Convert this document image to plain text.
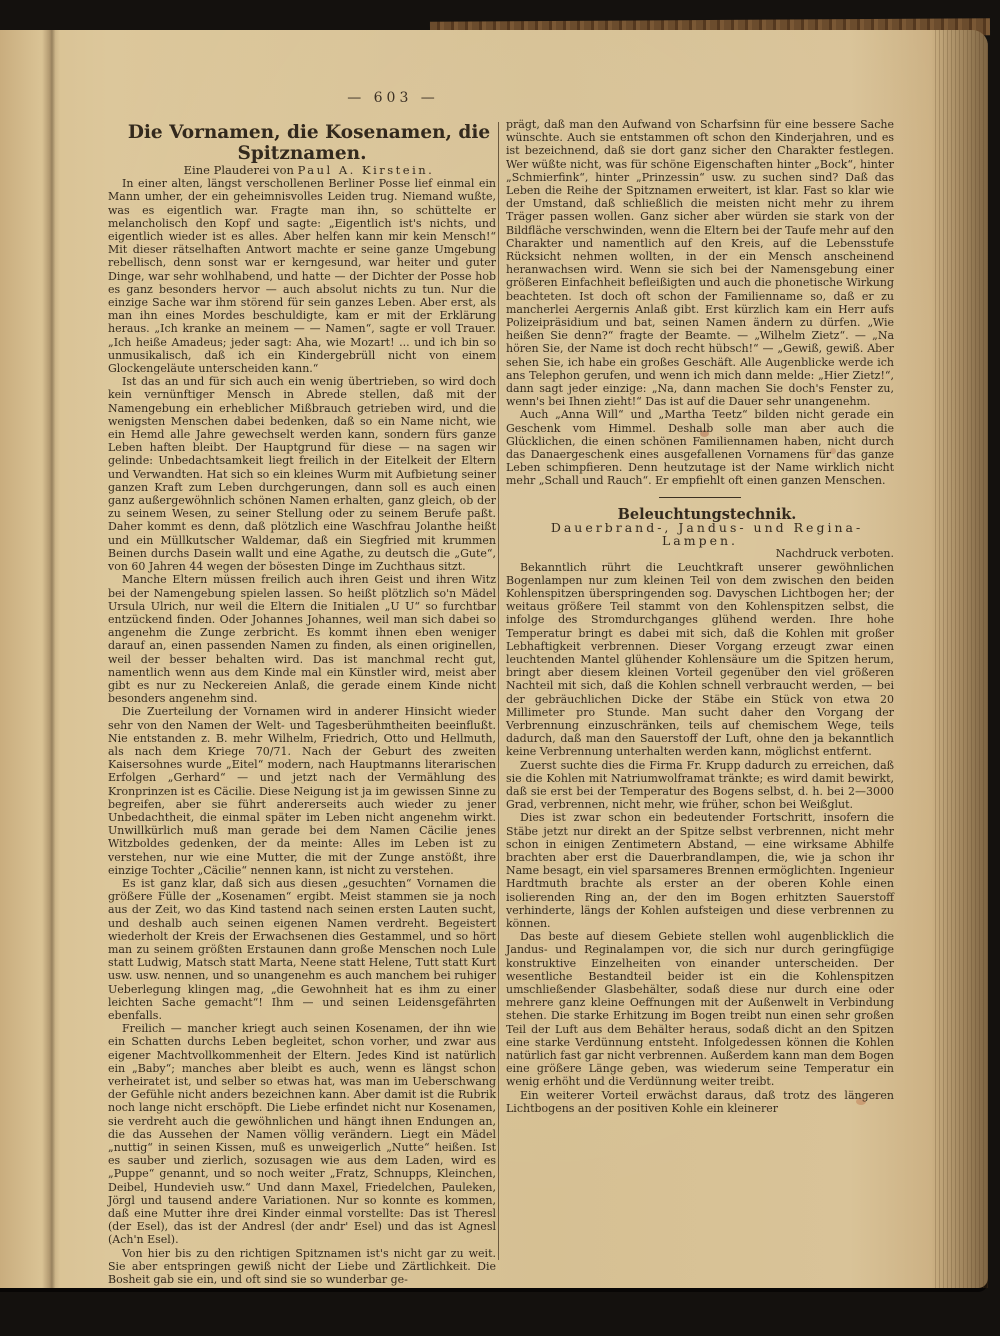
— 603 —

Die Vornamen, die Kosenamen, die Spitznamen.

Eine Plauderei von Paul A. Kirstein.

In einer alten, längst verschollenen Berliner Posse lief einmal ein Mann umher, der ein geheimnisvolles Leiden trug. Niemand wußte, was es eigentlich war. Fragte man ihn, so schüttelte er melancholisch den Kopf und sagte: „Eigentlich ist's nichts, und eigentlich wieder ist es alles. Aber helfen kann mir kein Mensch!“ Mit dieser rätselhaften Antwort machte er seine ganze Umgebung rebellisch, denn sonst war er kerngesund, war heiter und guter Dinge, war sehr wohlhabend, und hatte — der Dichter der Posse hob es ganz besonders hervor — auch absolut nichts zu tun. Nur die einzige Sache war ihm störend für sein ganzes Leben. Aber erst, als man ihn eines Mordes beschuldigte, kam er mit der Erklärung heraus. „Ich kranke an meinem — — Namen“, sagte er voll Trauer. „Ich heiße Amadeus; jeder sagt: Aha, wie Mozart! ... und ich bin so unmusikalisch, daß ich ein Kindergebrüll nicht von einem Glockengeläute unterscheiden kann.“

Ist das an und für sich auch ein wenig übertrieben, so wird doch kein vernünftiger Mensch in Abrede stellen, daß mit der Namengebung ein erheblicher Mißbrauch getrieben wird, und die wenigsten Menschen dabei bedenken, daß so ein Name nicht, wie ein Hemd alle Jahre gewechselt werden kann, sondern fürs ganze Leben haften bleibt. Der Hauptgrund für diese — na sagen wir gelinde: Unbedachtsamkeit liegt freilich in der Eitelkeit der Eltern und Verwandten. Hat sich so ein kleines Wurm mit Aufbietung seiner ganzen Kraft zum Leben durchgerungen, dann soll es auch einen ganz außergewöhnlich schönen Namen erhalten, ganz gleich, ob der zu seinem Wesen, zu seiner Stellung oder zu seinem Berufe paßt. Daher kommt es denn, daß plötzlich eine Waschfrau Jolanthe heißt und ein Müllkutscher Waldemar, daß ein Siegfried mit krummen Beinen durchs Dasein wallt und eine Agathe, zu deutsch die „Gute“, von 60 Jahren 44 wegen der bösesten Dinge im Zuchthaus sitzt.

Manche Eltern müssen freilich auch ihren Geist und ihren Witz bei der Namengebung spielen lassen. So heißt plötzlich so'n Mädel Ursula Ulrich, nur weil die Eltern die Initialen „U U“ so furchtbar entzückend finden. Oder Johannes Johannes, weil man sich dabei so angenehm die Zunge zerbricht. Es kommt ihnen eben weniger darauf an, einen passenden Namen zu finden, als einen originellen, weil der besser behalten wird. Das ist manchmal recht gut, namentlich wenn aus dem Kinde mal ein Künstler wird, meist aber gibt es nur zu Neckereien Anlaß, die gerade einem Kinde nicht besonders angenehm sind.

Die Zuerteilung der Vornamen wird in anderer Hinsicht wieder sehr von den Namen der Welt- und Tagesberühmtheiten beeinflußt. Nie entstanden z. B. mehr Wilhelm, Friedrich, Otto und Hellmuth, als nach dem Kriege 70/71. Nach der Geburt des zweiten Kaisersohnes wurde „Eitel“ modern, nach Hauptmanns literarischen Erfolgen „Gerhard“ — und jetzt nach der Vermählung des Kronprinzen ist es Cäcilie. Diese Neigung ist ja im gewissen Sinne zu begreifen, aber sie führt andererseits auch wieder zu jener Unbedachtheit, die einmal später im Leben nicht angenehm wirkt. Unwillkürlich muß man gerade bei dem Namen Cäcilie jenes Witzboldes gedenken, der da meinte: Alles im Leben ist zu verstehen, nur wie eine Mutter, die mit der Zunge anstößt, ihre einzige Tochter „Cäcilie“ nennen kann, ist nicht zu verstehen.

Es ist ganz klar, daß sich aus diesen „gesuchten“ Vornamen die größere Fülle der „Kosenamen“ ergibt. Meist stammen sie ja noch aus der Zeit, wo das Kind tastend nach seinen ersten Lauten sucht, und deshalb auch seinen eigenen Namen verdreht. Begeistert wiederholt der Kreis der Erwachsenen dies Gestammel, und so hört man zu seinem größten Erstaunen dann große Menschen noch Lule statt Ludwig, Matsch statt Marta, Neene statt Helene, Tutt statt Kurt usw. usw. nennen, und so unangenehm es auch manchem bei ruhiger Ueberlegung klingen mag, „die Gewohnheit hat es ihm zu einer leichten Sache gemacht“! Ihm — und seinen Leidensgefährten ebenfalls.

Freilich — mancher kriegt auch seinen Kosenamen, der ihn wie ein Schatten durchs Leben begleitet, schon vorher, und zwar aus eigener Machtvollkommenheit der Eltern. Jedes Kind ist natürlich ein „Baby“; manches aber bleibt es auch, wenn es längst schon verheiratet ist, und selber so etwas hat, was man im Ueberschwang der Gefühle nicht anders bezeichnen kann. Aber damit ist die Rubrik noch lange nicht erschöpft. Die Liebe erfindet nicht nur Kosenamen, sie verdreht auch die gewöhnlichen und hängt ihnen Endungen an, die das Aussehen der Namen völlig verändern. Liegt ein Mädel „nuttig“ in seinen Kissen, muß es unweigerlich „Nutte“ heißen. Ist es sauber und zierlich, sozusagen wie aus dem Laden, wird es „Puppe“ genannt, und so noch weiter „Fratz, Schnupps, Kleinchen, Deibel, Hundevieh usw.“ Und dann Maxel, Friedelchen, Pauleken, Jörgl und tausend andere Variationen. Nur so konnte es kommen, daß eine Mutter ihre drei Kinder einmal vorstellte: Das ist Theresl (der Esel), das ist der Andresl (der andr' Esel) und das ist Agnesl (Ach'n Esel).

Von hier bis zu den richtigen Spitznamen ist's nicht gar zu weit. Sie aber entspringen gewiß nicht der Liebe und Zärtlichkeit. Die Bosheit gab sie ein, und oft sind sie so wunderbar ge-

prägt, daß man den Aufwand von Scharfsinn für eine bessere Sache wünschte. Auch sie entstammen oft schon den Kinderjahren, und es ist bezeichnend, daß sie dort ganz sicher den Charakter festlegen. Wer wüßte nicht, was für schöne Eigenschaften hinter „Bock“, hinter „Schmierfink“, hinter „Prinzessin“ usw. zu suchen sind? Daß das Leben die Reihe der Spitznamen erweitert, ist klar. Fast so klar wie der Umstand, daß schließlich die meisten nicht mehr zu ihrem Träger passen wollen. Ganz sicher aber würden sie stark von der Bildfläche verschwinden, wenn die Eltern bei der Taufe mehr auf den Charakter und namentlich auf den Kreis, auf die Lebensstufe Rücksicht nehmen wollten, in der ein Mensch anscheinend heranwachsen wird. Wenn sie sich bei der Namensgebung einer größeren Einfachheit befleißigten und auch die phonetische Wirkung beachteten. Ist doch oft schon der Familienname so, daß er zu mancherlei Aergernis Anlaß gibt. Erst kürzlich kam ein Herr aufs Polizeipräsidium und bat, seinen Namen ändern zu dürfen. „Wie heißen Sie denn?“ fragte der Beamte. — „Wilhelm Zietz“. — „Na hören Sie, der Name ist doch recht hübsch!“ — „Gewiß, gewiß. Aber sehen Sie, ich habe ein großes Geschäft. Alle Augenblicke werde ich ans Telephon gerufen, und wenn ich mich dann melde: „Hier Zietz!“, dann sagt jeder einzige: „Na, dann machen Sie doch's Fenster zu, wenn's bei Ihnen zieht!“ Das ist auf die Dauer sehr unangenehm.

Auch „Anna Will“ und „Martha Teetz“ bilden nicht gerade ein Geschenk vom Himmel. Deshalb solle man aber auch die Glücklichen, die einen schönen Familiennamen haben, nicht durch das Danaergeschenk eines ausgefallenen Vornamens für das ganze Leben schimpfieren. Denn heutzutage ist der Name wirklich nicht mehr „Schall und Rauch“. Er empfiehlt oft einen ganzen Menschen.

Beleuchtungstechnik.

Dauerbrand-, Jandus- und Regina-Lampen.

Nachdruck verboten.

Bekanntlich rührt die Leuchtkraft unserer gewöhnlichen Bogenlampen nur zum kleinen Teil von dem zwischen den beiden Kohlenspitzen überspringenden sog. Davyschen Lichtbogen her; der weitaus größere Teil stammt von den Kohlenspitzen selbst, die infolge des Stromdurchganges glühend werden. Ihre hohe Temperatur bringt es dabei mit sich, daß die Kohlen mit großer Lebhaftigkeit verbrennen. Dieser Vorgang erzeugt zwar einen leuchtenden Mantel glühender Kohlensäure um die Spitzen herum, bringt aber diesem kleinen Vorteil gegenüber den viel größeren Nachteil mit sich, daß die Kohlen schnell verbraucht werden, — bei der gebräuchlichen Dicke der Stäbe ein Stück von etwa 20 Millimeter pro Stunde. Man sucht daher den Vorgang der Verbrennung einzuschränken, teils auf chemischem Wege, teils dadurch, daß man den Sauerstoff der Luft, ohne den ja bekanntlich keine Verbrennung unterhalten werden kann, möglichst entfernt.

Zuerst suchte dies die Firma Fr. Krupp dadurch zu erreichen, daß sie die Kohlen mit Natriumwolframat tränkte; es wird damit bewirkt, daß sie erst bei der Temperatur des Bogens selbst, d. h. bei 2—3000 Grad, verbrennen, nicht mehr, wie früher, schon bei Weißglut.

Dies ist zwar schon ein bedeutender Fortschritt, insofern die Stäbe jetzt nur direkt an der Spitze selbst verbrennen, nicht mehr schon in einigen Zentimetern Abstand, — eine wirksame Abhilfe brachten aber erst die Dauerbrandlampen, die, wie ja schon ihr Name besagt, ein viel sparsameres Brennen ermöglichten. Ingenieur Hardtmuth brachte als erster an der oberen Kohle einen isolierenden Ring an, der den im Bogen erhitzten Sauerstoff verhinderte, längs der Kohlen aufsteigen und diese verbrennen zu können.

Das beste auf diesem Gebiete stellen wohl augenblicklich die Jandus- und Reginalampen vor, die sich nur durch geringfügige konstruktive Einzelheiten von einander unterscheiden. Der wesentliche Bestandteil beider ist ein die Kohlenspitzen umschließender Glasbehälter, sodaß diese nur durch eine oder mehrere ganz kleine Oeffnungen mit der Außenwelt in Verbindung stehen. Die starke Erhitzung im Bogen treibt nun einen sehr großen Teil der Luft aus dem Behälter heraus, sodaß dicht an den Spitzen eine starke Verdünnung entsteht. Infolgedessen können die Kohlen natürlich fast gar nicht verbrennen. Außerdem kann man dem Bogen eine größere Länge geben, was wiederum seine Temperatur ein wenig erhöht und die Verdünnung weiter treibt.

Ein weiterer Vorteil erwächst daraus, daß trotz des längeren Lichtbogens an der positiven Kohle ein kleinerer
